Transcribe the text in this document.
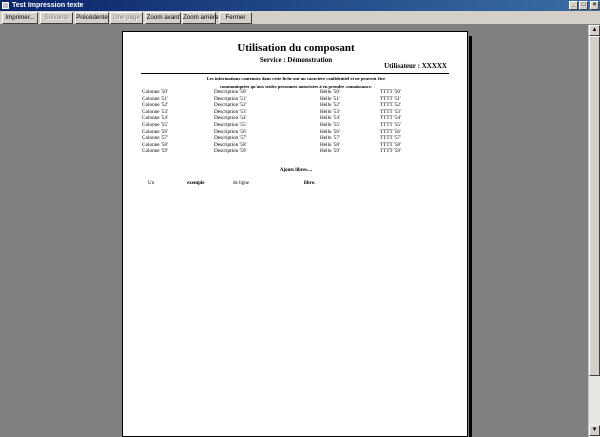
Test Impression texte	_	□	×
Imprimer...	Suivante	Précédente Une page	Zoom avant Zoom arrière	Fermer
▲
▼
Utilisation du composant
Service : Démonstration
Utilisateur : XXXXX
Les informations contenues dans cette fiche ont un caractère confidentiel et ne peuvent être
communiquées qu'aux seules personnes autorisées à en prendre connaissance.
Colonne '50'	Description '50'	Hello '50'	TTTT '50'
Colonne '51'	Description '51'	Hello '51'	TTTT '51'
Colonne '52'	Description '52'	Hello '52'	TTTT '52'
Colonne '53'	Description '53'	Hello '53'	TTTT '53'
Colonne '54'	Description '54'	Hello '54'	TTTT '54'
Colonne '55'	Description '55'	Hello '55'	TTTT '55'
Colonne '56'	Description '56'	Hello '56'	TTTT '56'
Colonne '57'	Description '57'	Hello '57'	TTTT '57'
Colonne '58'	Description '58'	Hello '58'	TTTT '58'
Colonne '59'	Description '59'	Hello '59'	TTTT '59'
Ajouts libres....
Un	exemple	de ligne	libre.
